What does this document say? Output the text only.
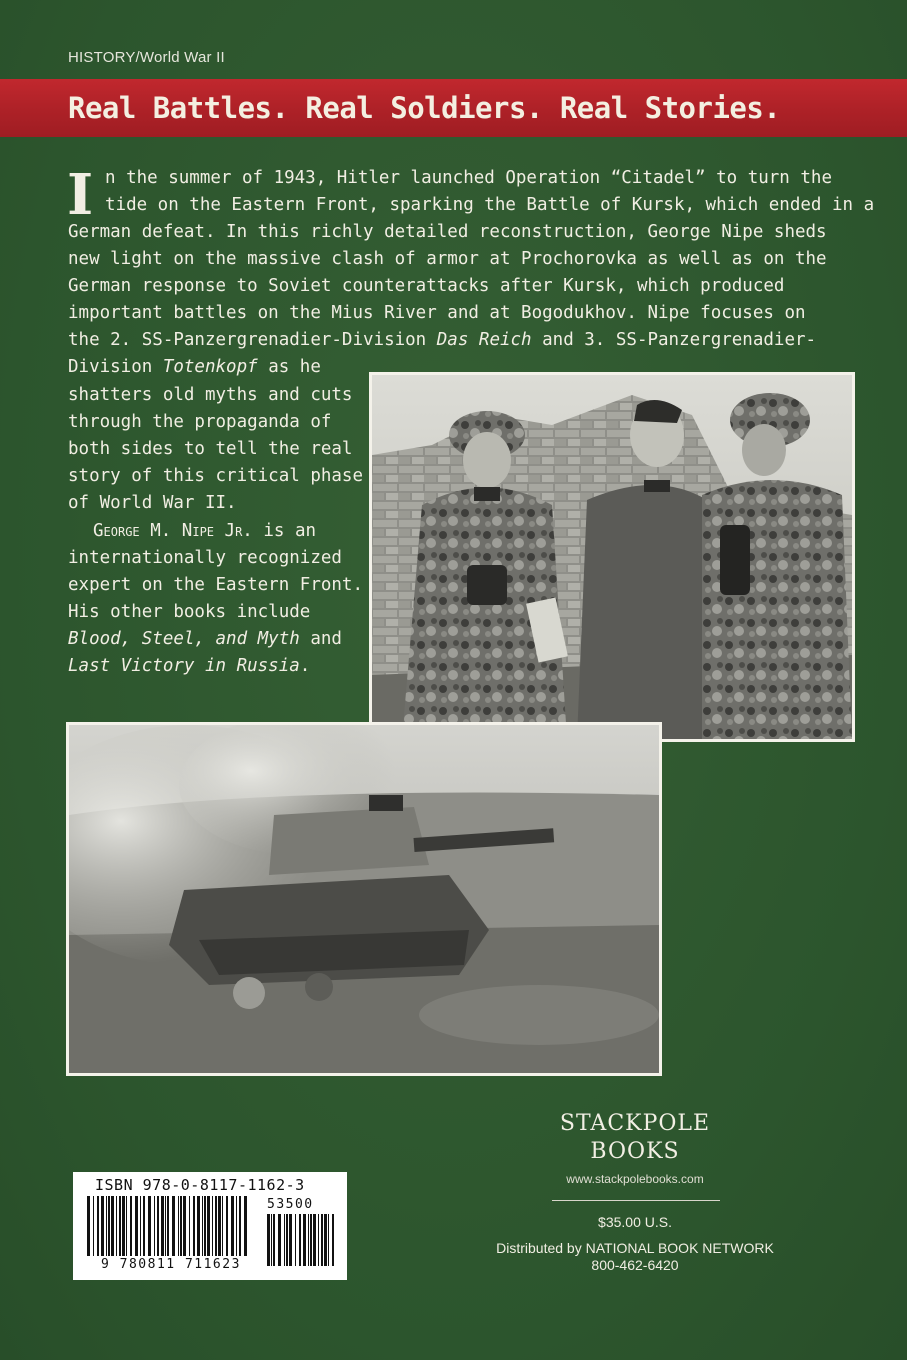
HISTORY/World War II
Real Battles. Real Soldiers. Real Stories.
I n the summer of 1943, Hitler launched Operation “Citadel” to turn the
tide on the Eastern Front, sparking the Battle of Kursk, which ended in a
German defeat. In this richly detailed reconstruction, George Nipe sheds
new light on the massive clash of armor at Prochorovka as well as on the
German response to Soviet counterattacks after Kursk, which produced
important battles on the Mius River and at Bogodukhov. Nipe focuses on
the 2. SS-Panzergrenadier-Division Das Reich and 3. SS-Panzergrenadier-
Division Totenkopf as he
shatters old myths and cuts
through the propaganda of
both sides to tell the real
story of this critical phase
of World War II.
George M. Nipe Jr. is an
internationally recognized
expert on the Eastern Front.
His other books include
Blood, Steel, and Myth and
Last Victory in Russia.
ISBN 978-0-8117-1162-3
9 780811 711623
53500
STACKPOLE
BOOKS
www.stackpolebooks.com
$35.00 U.S.
Distributed by NATIONAL BOOK NETWORK
800-462-6420
